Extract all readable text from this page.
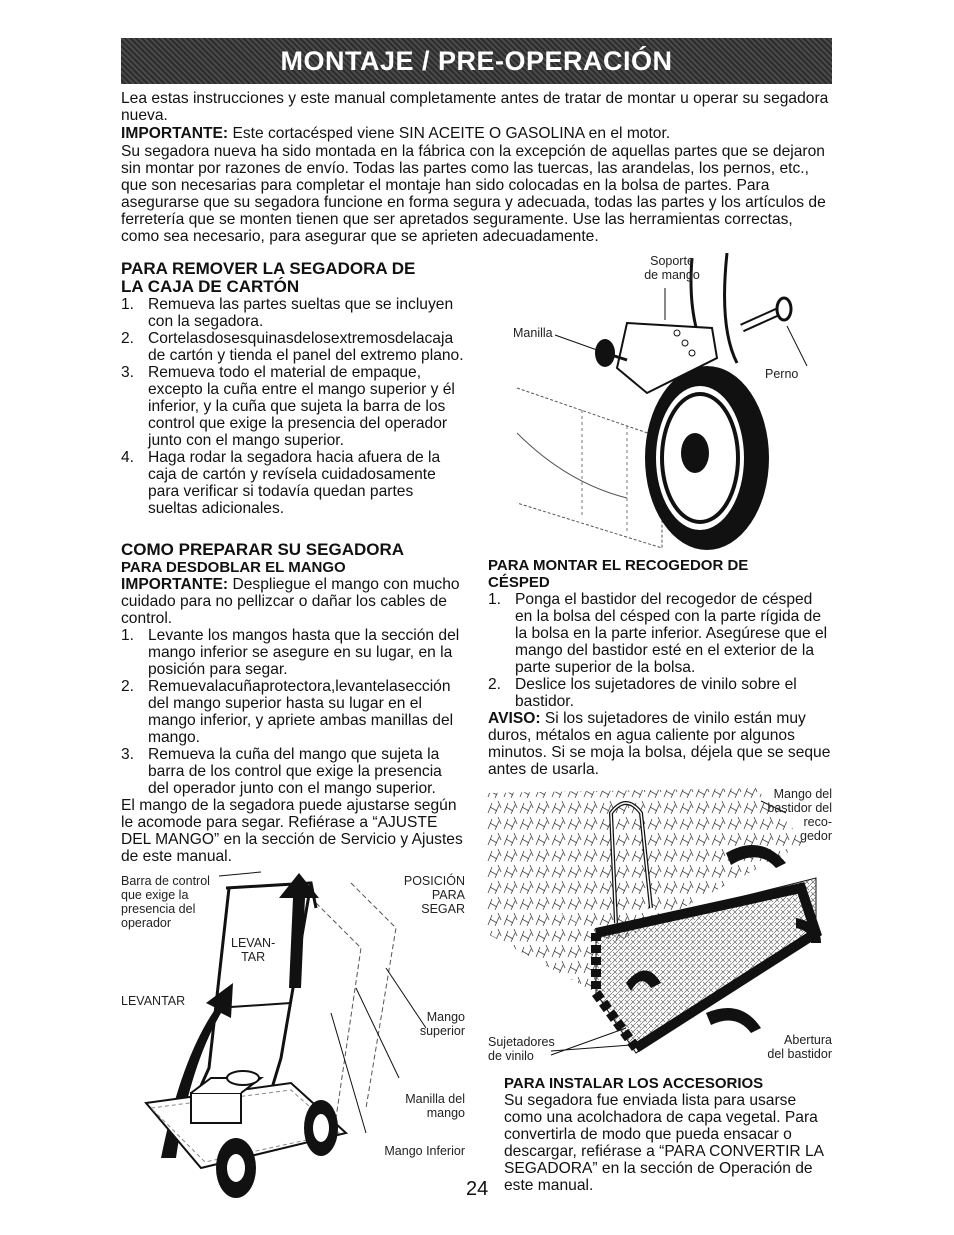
MONTAJE / PRE-OPERACIÓN

Lea estas instrucciones y este manual completamente antes de tratar de montar u operar su segadora nueva.

IMPORTANTE: Este cortacésped viene SIN ACEITE O GASOLINA en el motor.

Su segadora nueva ha sido montada en la fábrica con la excepción de aquellas partes que se dejaron sin montar por razones de envío. Todas las partes como las tuercas, las arandelas, los pernos, etc., que son necesarias para completar el montaje han sido colocadas en la bolsa de partes. Para asegurarse que su segadora funcione en forma segura y adecuada, todas las partes y los artículos de ferretería que se monten tienen que ser apretados seguramente. Use las herramientas correctas, como sea necesario, para asegurar que se aprieten adecuadamente.

PARA REMOVER LA SEGADORA DE
LA CAJA DE CARTÓN
1. Remueva las partes sueltas que se incluyen con la segadora.
2. Cortelasdosesquinasdelosextremosdelacaja de cartón y tienda el panel del extremo plano.
3. Remueva todo el material de empaque, excepto la cuña entre el mango superior y él inferior, y la cuña que sujeta la barra de los control que exige la presencia del operador junto con el mango superior.
4. Haga rodar la segadora hacia afuera de la caja de cartón y revísela cuidadosamente para verificar si todavía quedan partes sueltas adicionales.
COMO PREPARAR SU SEGADORA
PARA DESDOBLAR EL MANGO

IMPORTANTE: Despliegue el mango con mucho cuidado para no pellizcar o dañar los cables de control.

1. Levante los mangos hasta que la sección del mango inferior se asegure en su lugar, en la posición para segar.
2. Remuevalacuñaprotectora,levantelasección del mango superior hasta su lugar en el mango inferior, y apriete ambas manillas del mango.
3. Remueva la cuña del mango que sujeta la barra de los control que exige la presencia del operador junto con el mango superior.

El mango de la segadora puede ajustarse según le acomode para segar. Refiérase a “AJUSTE DEL MANGO” en la sección de Servicio y Ajustes de este manual.

Soporte
de mango
Manilla
Perno
Barra de control
que exige la
presencia del
operador
POSICIÓN
PARA
SEGAR
LEVAN-
TAR
LEVANTAR
Mango
superior
Manilla del
mango
Mango Inferior
PARA MONTAR EL RECOGEDOR DE
CÉSPED
1. Ponga el bastidor del recogedor de césped en la bolsa del césped con la parte rígida de la bolsa en la parte inferior. Asegúrese que el mango del bastidor esté en el exterior de la parte superior de la bolsa.
2. Deslice los sujetadores de vinilo sobre el bastidor.

AVISO: Si los sujetadores de vinilo están muy duros, métalos en agua caliente por algunos minutos. Si se moja la bolsa, déjela que se seque antes de usarla.

Mango del
bastidor del
reco-
gedor
Sujetadores
de vinilo
Abertura
del bastidor
PARA INSTALAR LOS ACCESORIOS

Su segadora fue enviada lista para usarse como una acolchadora de capa vegetal. Para convertirla de modo que pueda ensacar o descargar, refiérase a “PARA CONVERTIR LA SEGADORA” en la sección de Operación de este manual.

24
